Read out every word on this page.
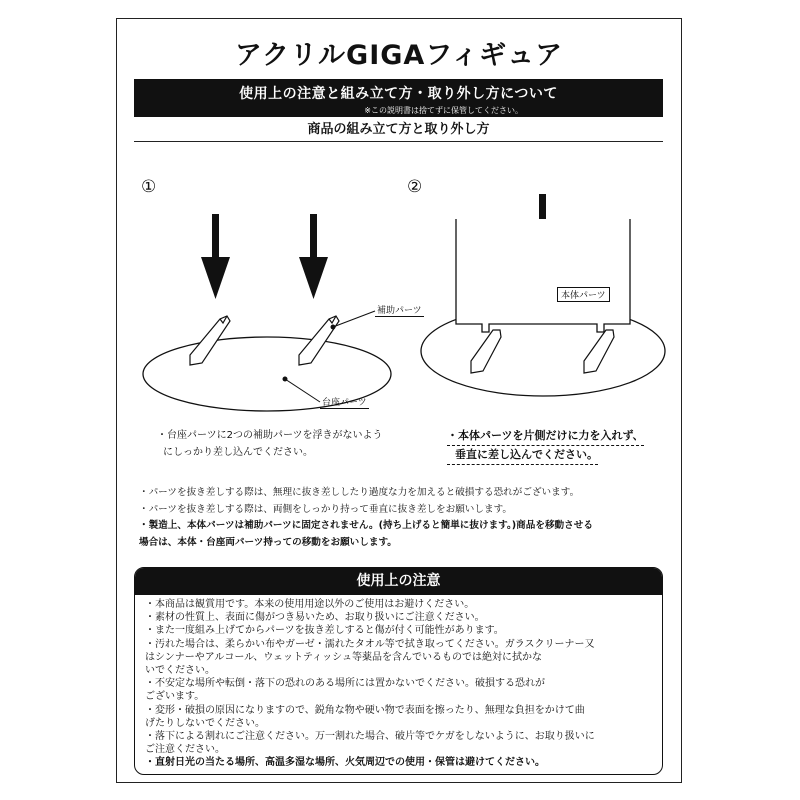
アクリルGIGAフィギュア
使用上の注意と組み立て方・取り外し方について
※この説明書は捨てずに保管してください。
商品の組み立て方と取り外し方
①	②
補助パーツ
台座パーツ
本体パーツ
・台座パーツに2つの補助パーツを浮きがないよう
にしっかり差し込んでください。
・本体パーツを片側だけに力を入れず、
垂直に差し込んでください。
・パーツを抜き差しする際は、無理に抜き差ししたり過度な力を加えると破損する恐れがございます。
・パーツを抜き差しする際は、両側をしっかり持って垂直に抜き差しをお願いします。
・製造上、本体パーツは補助パーツに固定されません。(持ち上げると簡単に抜けます。)商品を移動させる
場合は、本体・台座両パーツ持っての移動をお願いします。
使用上の注意
・本商品は観賞用です。本来の使用用途以外のご使用はお避けください。
・素材の性質上、表面に傷がつき易いため、お取り扱いにご注意ください。
・また一度組み上げてからパーツを抜き差しすると傷が付く可能性があります。
・汚れた場合は、柔らかい布やガーゼ・濡れたタオル等で拭き取ってください。ガラスクリーナー又
はシンナーやアルコール、ウェットティッシュ等薬品を含んでいるものでは絶対に拭かな
いでください。
・不安定な場所や転倒・落下の恐れのある場所には置かないでください。破損する恐れが
ございます。
・変形・破損の原因になりますので、鋭角な物や硬い物で表面を擦ったり、無理な負担をかけて曲
げたりしないでください。
・落下による割れにご注意ください。万一割れた場合、破片等でケガをしないように、お取り扱いに
ご注意ください。
・直射日光の当たる場所、高温多湿な場所、火気周辺での使用・保管は避けてください。
